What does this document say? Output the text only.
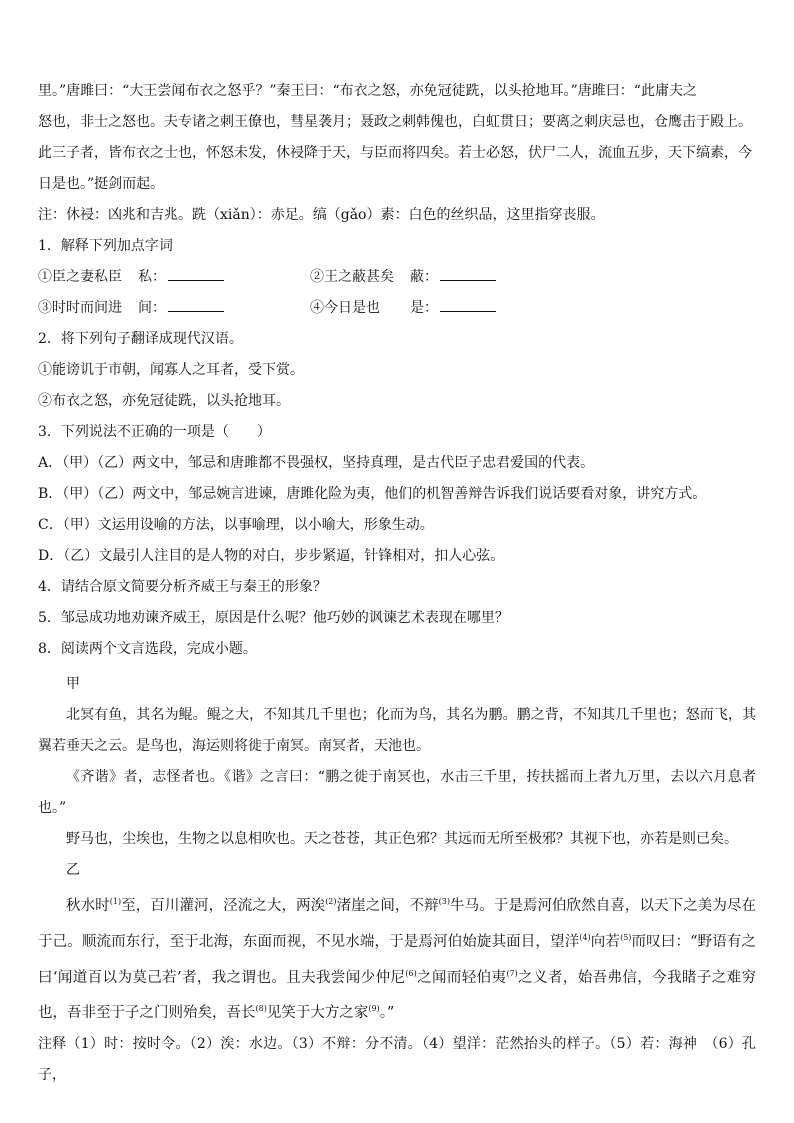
里。”唐雎曰：“大王尝闻布衣之怒乎？”秦王曰：“布衣之怒，亦免冠徒跣，以头抢地耳。”唐雎曰：“此庸夫之

怒也，非士之怒也。夫专诸之刺王僚也，彗星袭月；聂政之刺韩傀也，白虹贯日；要离之刺庆忌也，仓鹰击于殿上。

此三子者，皆布衣之士也，怀怒未发，休祲降于天，与臣而将四矣。若士必怒，伏尸二人，流血五步，天下缟素，今

日是也。”挺剑而起。

注：休祲：凶兆和吉兆。跣（xiǎn）：赤足。缟（gǎo）素：白色的丝织品，这里指穿丧服。

1．解释下列加点字词

①臣之妻私臣	私：	②王之蔽甚矣	蔽：
③时时而间进	间：	④今日是也	是：

2．将下列句子翻译成现代汉语。

①能谤讥于市朝，闻寡人之耳者，受下赏。

②布衣之怒，亦免冠徒跣，以头抢地耳。

3．下列说法不正确的一项是（　　）

A．（甲）（乙）两文中，邹忌和唐雎都不畏强权，坚持真理，是古代臣子忠君爱国的代表。

B．（甲）（乙）两文中，邹忌婉言进谏，唐雎化险为夷，他们的机智善辩告诉我们说话要看对象，讲究方式。

C．（甲）文运用设喻的方法，以事喻理，以小喻大，形象生动。

D．（乙）文最引人注目的是人物的对白，步步紧逼，针锋相对，扣人心弦。

4．请结合原文简要分析齐威王与秦王的形象？

5．邹忌成功地劝谏齐威王，原因是什么呢？他巧妙的讽谏艺术表现在哪里？

8．阅读两个文言选段，完成小题。

甲

北冥有鱼，其名为鲲。鲲之大，不知其几千里也；化而为鸟，其名为鹏。鹏之背，不知其几千里也；怒而飞，其翼若垂天之云。是鸟也，海运则将徙于南冥。南冥者，天池也。

《齐谐》者，志怪者也。《谐》之言曰：“鹏之徙于南冥也，水击三千里，抟扶摇而上者九万里，去以六月息者也。”

野马也，尘埃也，生物之以息相吹也。天之苍苍，其正色邪？其远而无所至极邪？其视下也，亦若是则已矣。

乙

秋水时$^{(1)}$至，百川灌河，泾流之大，两涘$^{(2)}$渚崖之间，不辩$^{(3)}$牛马。于是焉河伯欣然自喜，以天下之美为尽在于己。顺流而东行，至于北海，东面而视，不见水端，于是焉河伯始旋其面目，望洋$^{(4)}$向若$^{(5)}$而叹曰：“野语有之曰‘闻道百以为莫己若’者，我之谓也。且夫我尝闻少仲尼$^{(6)}$之闻而轻伯夷$^{(7)}$之义者，始吾弗信，今我睹子之难穷也，吾非至于子之门则殆矣，吾长$^{(8)}$见笑于大方之家$^{(9)}$。”

注释（1）时：按时令。（2）涘：水边。（3）不辩：分不清。（4）望洋：茫然抬头的样子。（5）若：海神　（6）孔子，
